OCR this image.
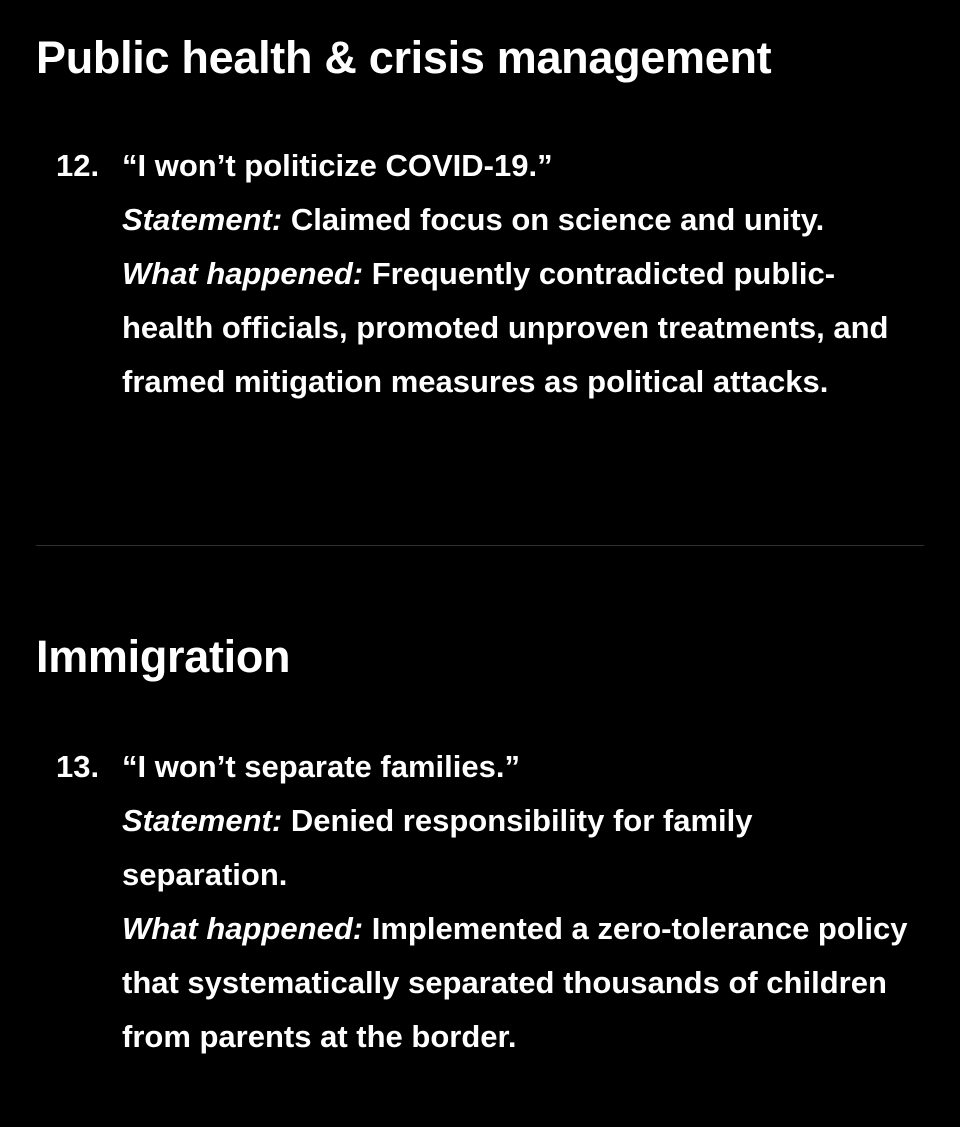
Public health & crisis management
12. “I won’t politicize COVID-19.”
Statement: Claimed focus on science and unity.
What happened: Frequently contradicted public-health officials, promoted unproven treatments, and framed mitigation measures as political attacks.
Immigration
13. “I won’t separate families.”
Statement: Denied responsibility for family separation.
What happened: Implemented a zero-tolerance policy that systematically separated thousands of children from parents at the border.
